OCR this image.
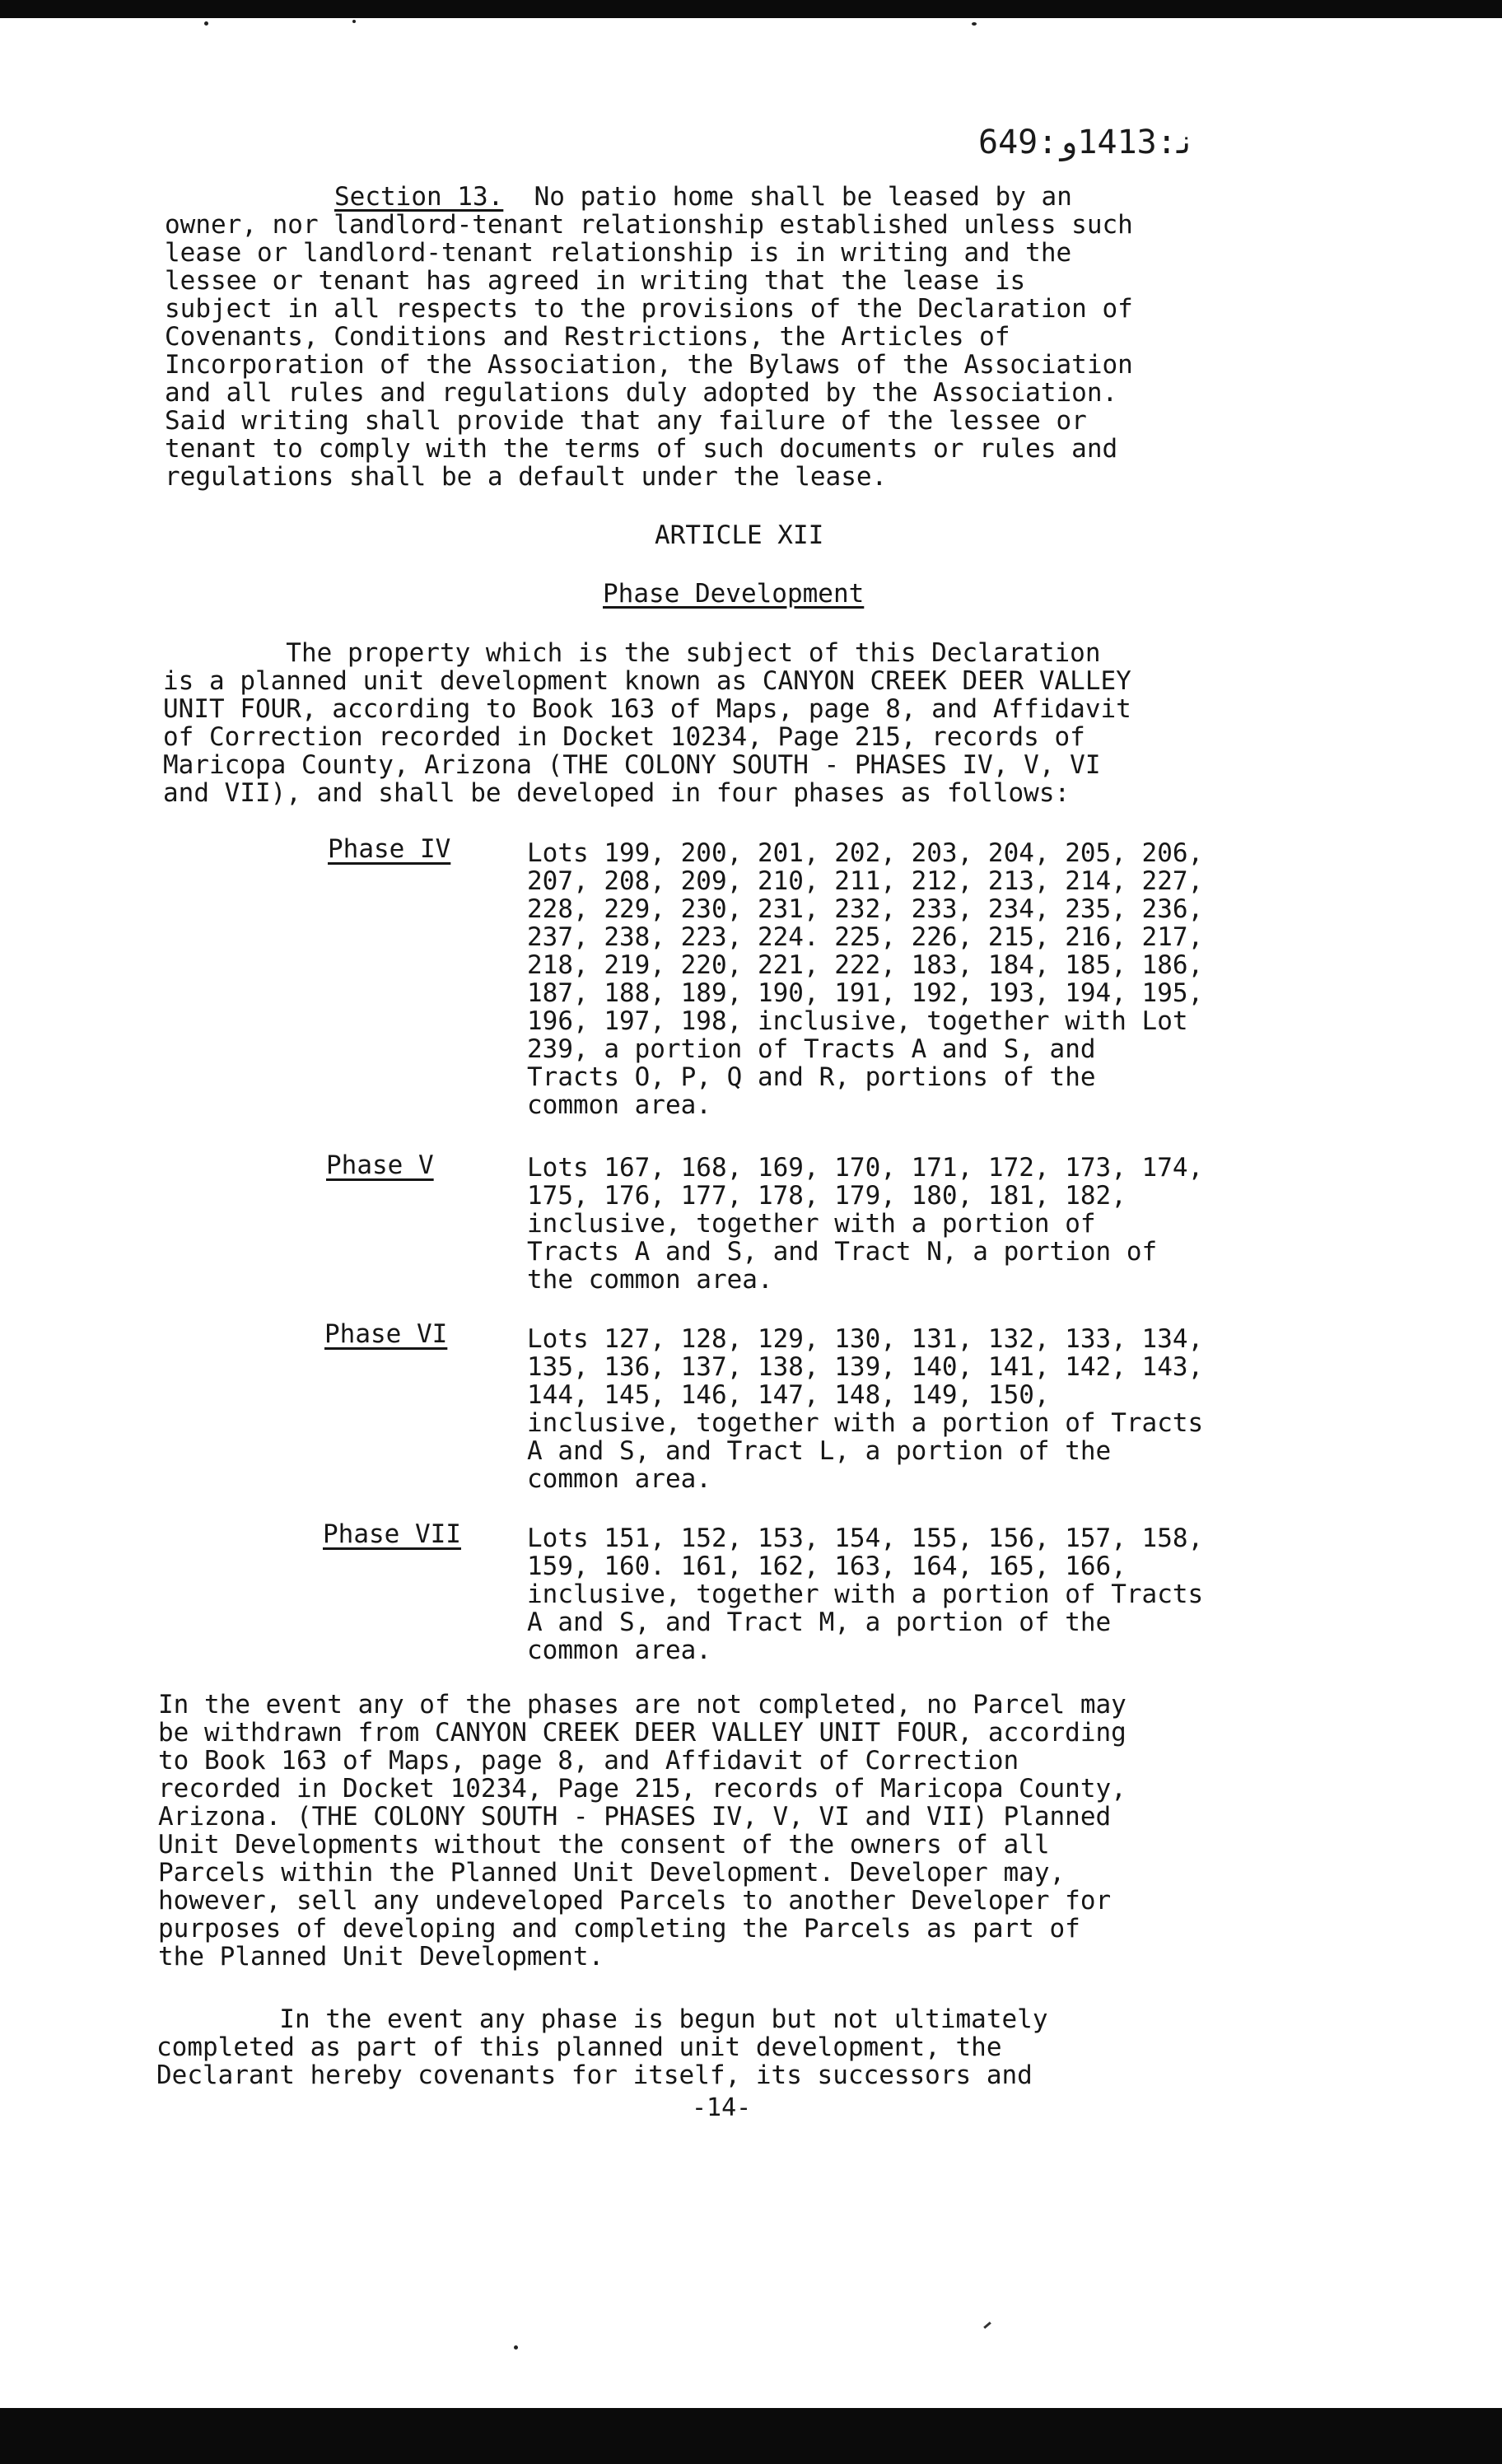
ﻧ:1413ﻭ:649
Section 13.  No patio home shall be leased by an
owner, nor landlord-tenant relationship established unless such
lease or landlord-tenant relationship is in writing and the
lessee or tenant has agreed in writing that the lease is
subject in all respects to the provisions of the Declaration of
Covenants, Conditions and Restrictions, the Articles of
Incorporation of the Association, the Bylaws of the Association
and all rules and regulations duly adopted by the Association.
Said writing shall provide that any failure of the lessee or
tenant to comply with the terms of such documents or rules and
regulations shall be a default under the lease.
ARTICLE XII
Phase Development
The property which is the subject of this Declaration
is a planned unit development known as CANYON CREEK DEER VALLEY
UNIT FOUR, according to Book 163 of Maps, page 8, and Affidavit
of Correction recorded in Docket 10234, Page 215, records of
Maricopa County, Arizona (THE COLONY SOUTH - PHASES IV, V, VI
and VII), and shall be developed in four phases as follows:
Phase IV	Lots 199, 200, 201, 202, 203, 204, 205, 206,
207, 208, 209, 210, 211, 212, 213, 214, 227,
228, 229, 230, 231, 232, 233, 234, 235, 236,
237, 238, 223, 224. 225, 226, 215, 216, 217,
218, 219, 220, 221, 222, 183, 184, 185, 186,
187, 188, 189, 190, 191, 192, 193, 194, 195,
196, 197, 198, inclusive, together with Lot
239, a portion of Tracts A and S, and
Tracts O, P, Q and R, portions of the
common area.
Phase V	Lots 167, 168, 169, 170, 171, 172, 173, 174,
175, 176, 177, 178, 179, 180, 181, 182,
inclusive, together with a portion of
Tracts A and S, and Tract N, a portion of
the common area.
Phase VI	Lots 127, 128, 129, 130, 131, 132, 133, 134,
135, 136, 137, 138, 139, 140, 141, 142, 143,
144, 145, 146, 147, 148, 149, 150,
inclusive, together with a portion of Tracts
A and S, and Tract L, a portion of the
common area.
Phase VII	Lots 151, 152, 153, 154, 155, 156, 157, 158,
159, 160. 161, 162, 163, 164, 165, 166,
inclusive, together with a portion of Tracts
A and S, and Tract M, a portion of the
common area.
In the event any of the phases are not completed, no Parcel may
be withdrawn from CANYON CREEK DEER VALLEY UNIT FOUR, according
to Book 163 of Maps, page 8, and Affidavit of Correction
recorded in Docket 10234, Page 215, records of Maricopa County,
Arizona. (THE COLONY SOUTH - PHASES IV, V, VI and VII) Planned
Unit Developments without the consent of the owners of all
Parcels within the Planned Unit Development. Developer may,
however, sell any undeveloped Parcels to another Developer for
purposes of developing and completing the Parcels as part of
the Planned Unit Development.
In the event any phase is begun but not ultimately
completed as part of this planned unit development, the
Declarant hereby covenants for itself, its successors and
-14-
